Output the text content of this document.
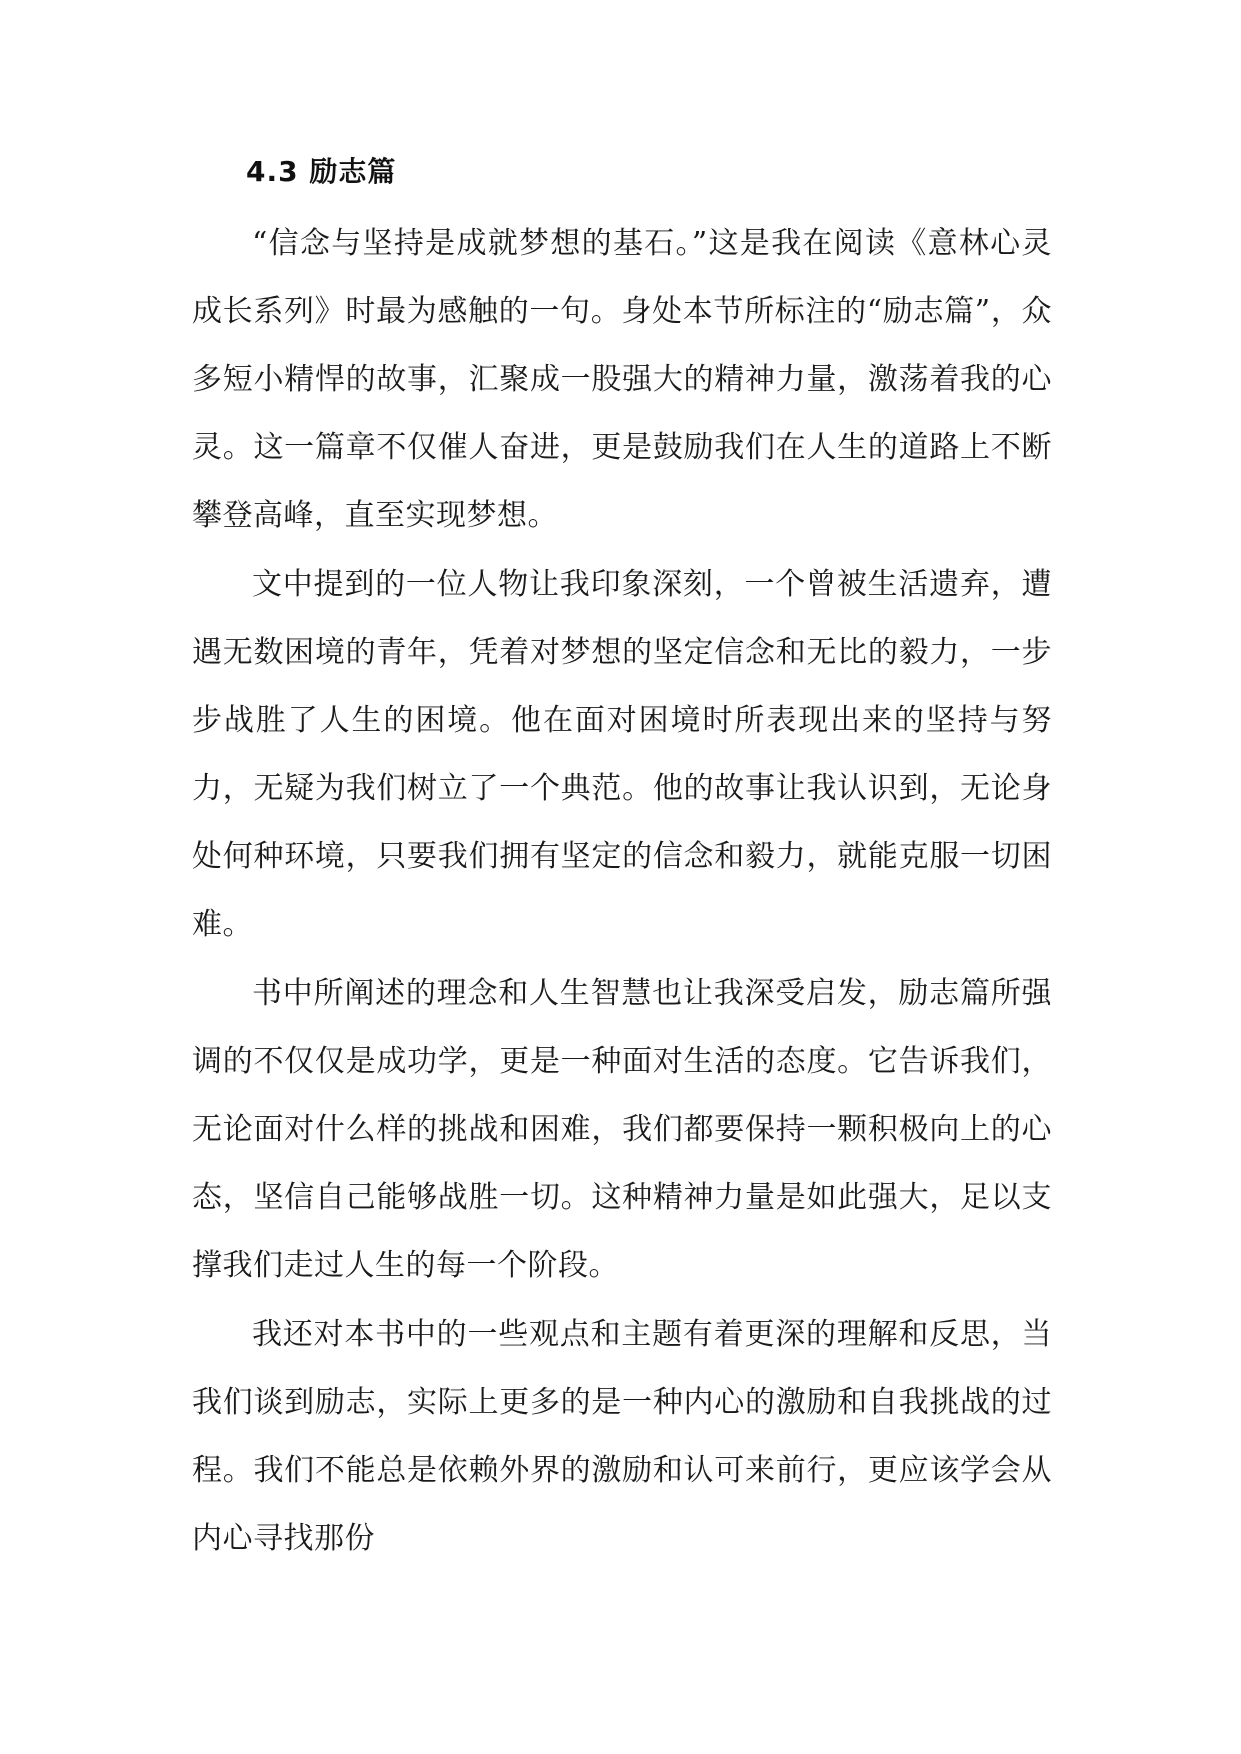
4.3 励志篇

“信念与坚持是成就梦想的基石。”这是我在阅读《意林心灵成长系列》时最为感触的一句。身处本节所标注的“励志篇”，众多短小精悍的故事，汇聚成一股强大的精神力量，激荡着我的心灵。这一篇章不仅催人奋进，更是鼓励我们在人生的道路上不断攀登高峰，直至实现梦想。

文中提到的一位人物让我印象深刻，一个曾被生活遗弃，遭遇无数困境的青年，凭着对梦想的坚定信念和无比的毅力，一步步战胜了人生的困境。他在面对困境时所表现出来的坚持与努力，无疑为我们树立了一个典范。他的故事让我认识到，无论身处何种环境，只要我们拥有坚定的信念和毅力，就能克服一切困难。

书中所阐述的理念和人生智慧也让我深受启发，励志篇所强调的不仅仅是成功学，更是一种面对生活的态度。它告诉我们，无论面对什么样的挑战和困难，我们都要保持一颗积极向上的心态，坚信自己能够战胜一切。这种精神力量是如此强大，足以支撑我们走过人生的每一个阶段。

我还对本书中的一些观点和主题有着更深的理解和反思，当我们谈到励志，实际上更多的是一种内心的激励和自我挑战的过程。我们不能总是依赖外界的激励和认可来前行，更应该学会从内心寻找那份
